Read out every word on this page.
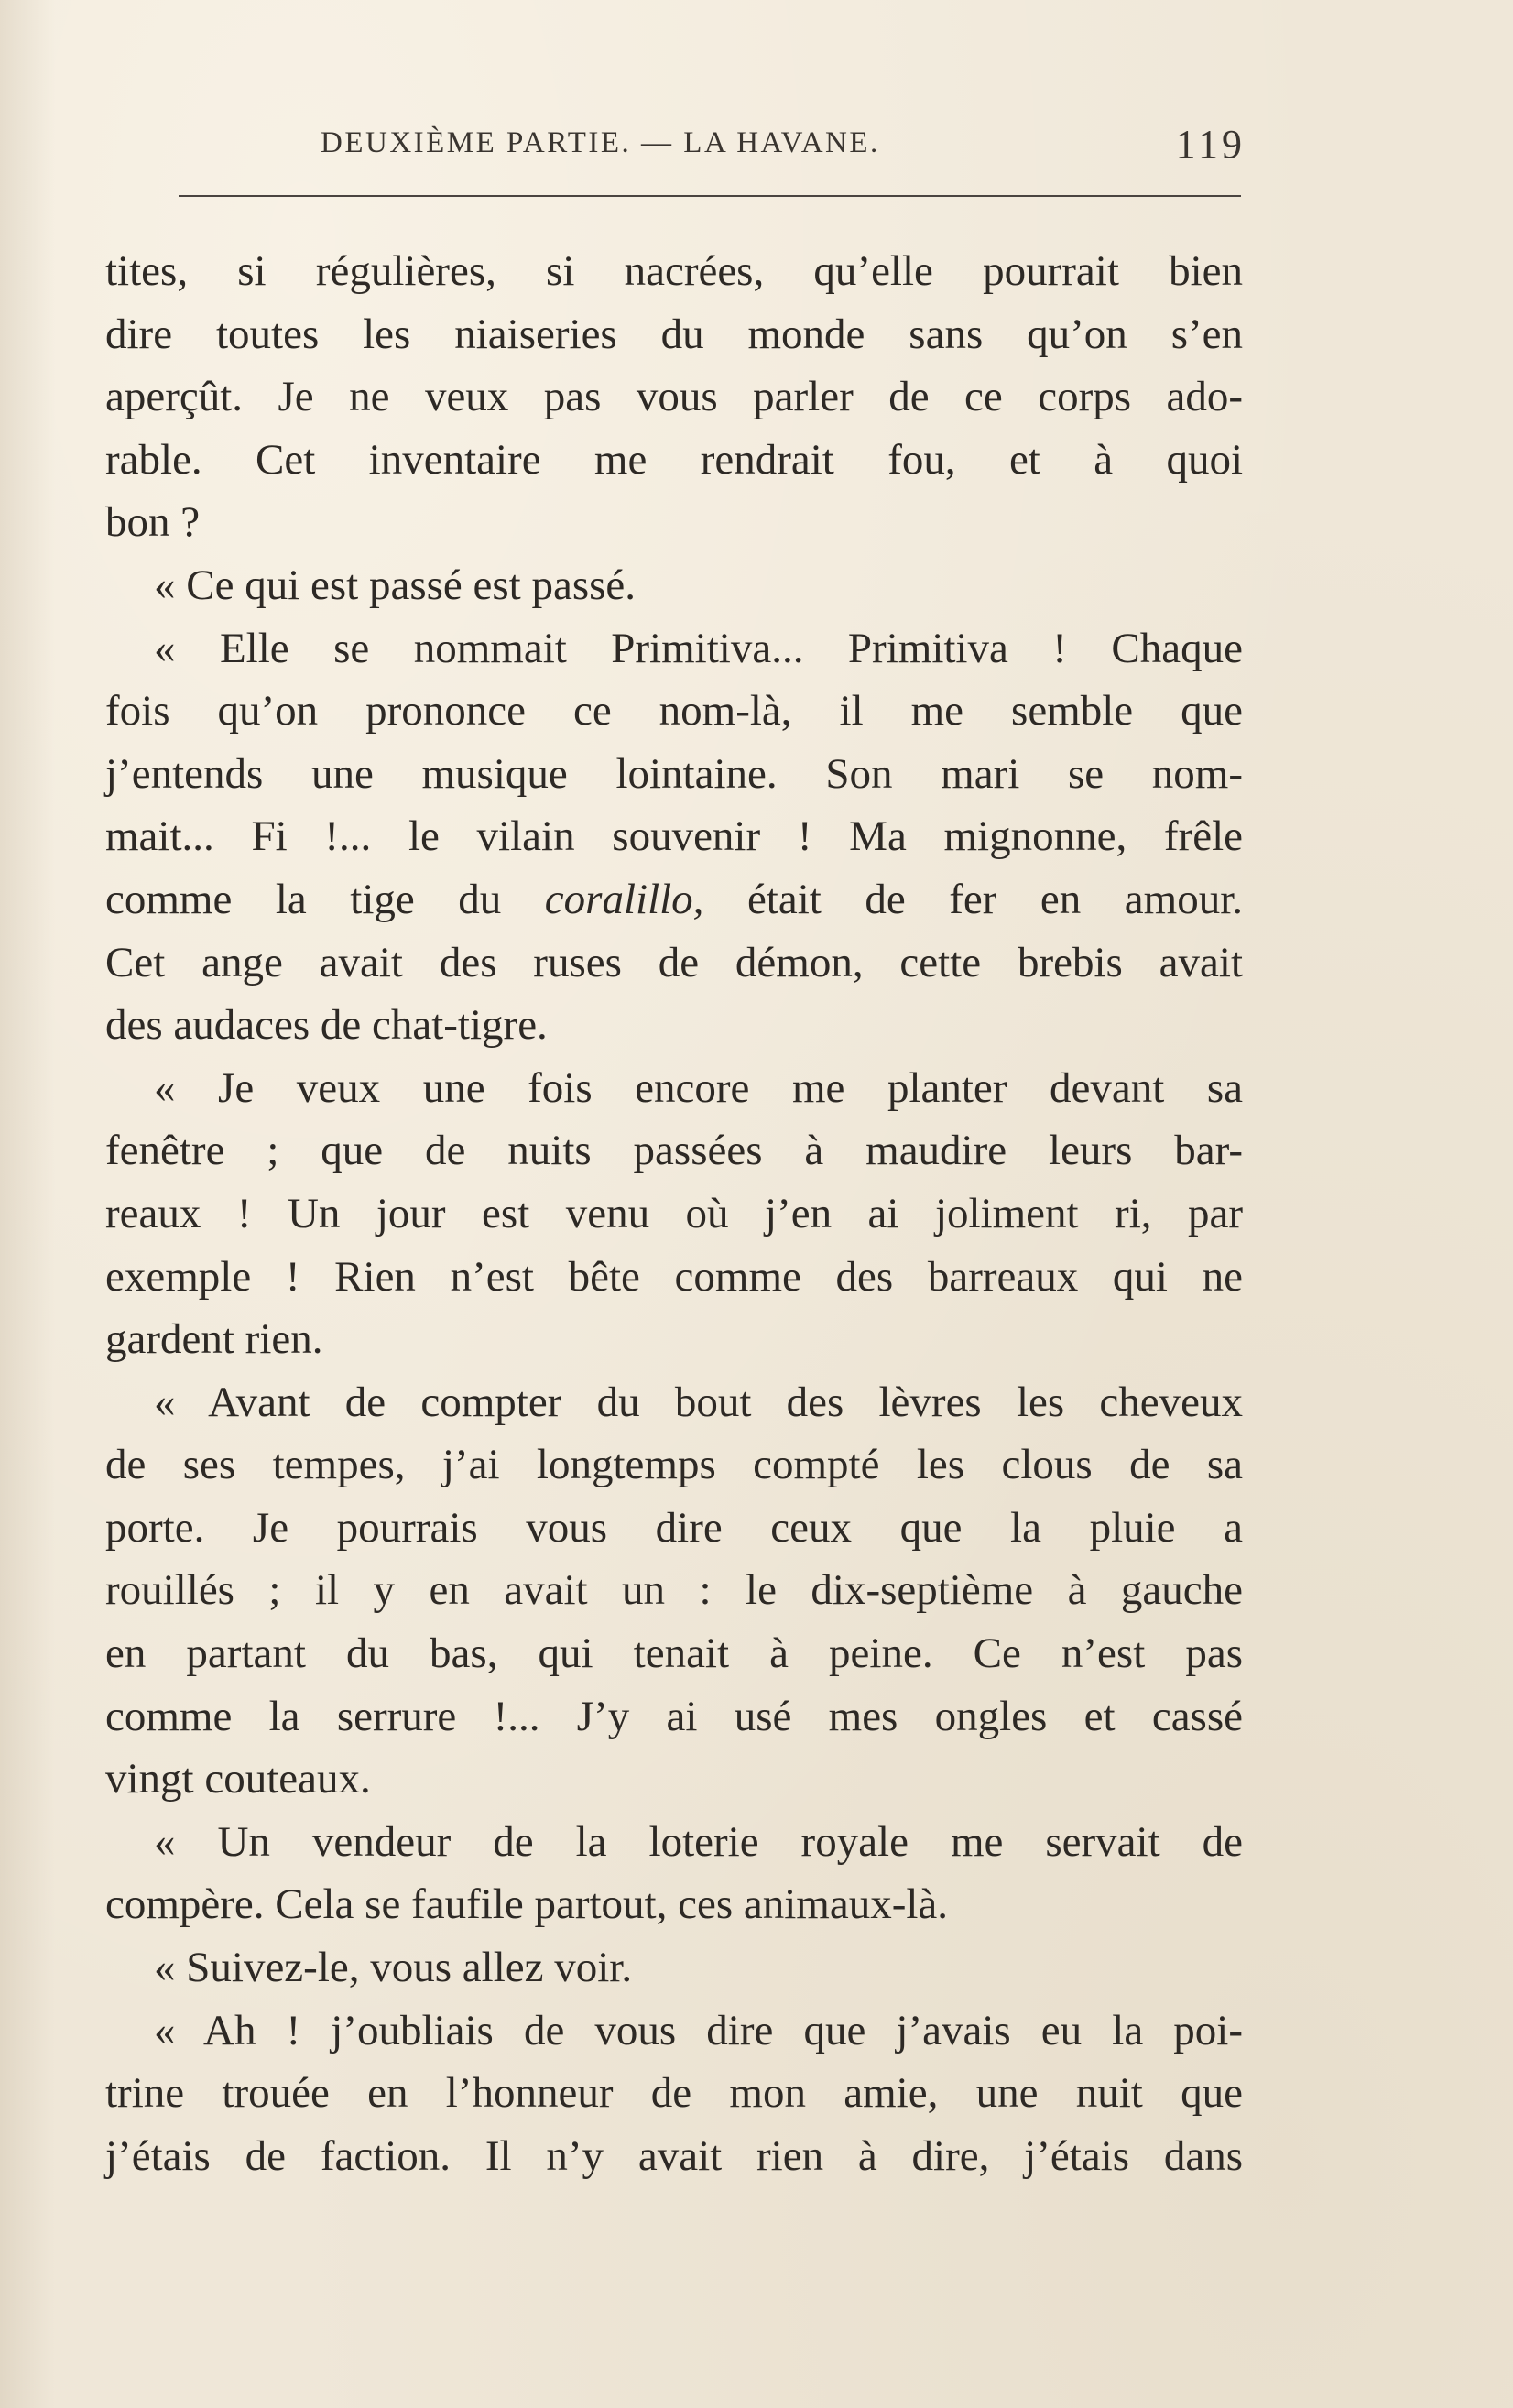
DEUXIÈME PARTIE. — LA HAVANE.	119
tites, si régulières, si nacrées, qu’elle pourrait bien
dire toutes les niaiseries du monde sans qu’on s’en
aperçût. Je ne veux pas vous parler de ce corps ado-
rable. Cet inventaire me rendrait fou, et à quoi
bon ?
« Ce qui est passé est passé.
« Elle se nommait Primitiva... Primitiva ! Chaque
fois qu’on prononce ce nom-là, il me semble que
j’entends une musique lointaine. Son mari se nom-
mait... Fi !... le vilain souvenir ! Ma mignonne, frêle
comme la tige du coralillo, était de fer en amour.
Cet ange avait des ruses de démon, cette brebis avait
des audaces de chat-tigre.
« Je veux une fois encore me planter devant sa
fenêtre ; que de nuits passées à maudire leurs bar-
reaux ! Un jour est venu où j’en ai joliment ri, par
exemple ! Rien n’est bête comme des barreaux qui ne
gardent rien.
« Avant de compter du bout des lèvres les cheveux
de ses tempes, j’ai longtemps compté les clous de sa
porte. Je pourrais vous dire ceux que la pluie a
rouillés ; il y en avait un : le dix-septième à gauche
en partant du bas, qui tenait à peine. Ce n’est pas
comme la serrure !... J’y ai usé mes ongles et cassé
vingt couteaux.
« Un vendeur de la loterie royale me servait de
compère. Cela se faufile partout, ces animaux-là.
« Suivez-le, vous allez voir.
« Ah ! j’oubliais de vous dire que j’avais eu la poi-
trine trouée en l’honneur de mon amie, une nuit que
j’étais de faction. Il n’y avait rien à dire, j’étais dans
